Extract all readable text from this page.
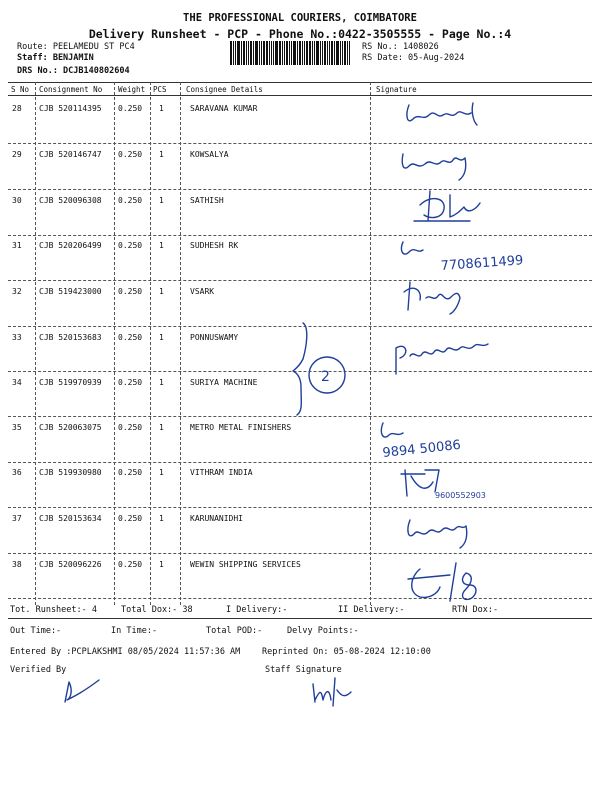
THE PROFESSIONAL COURIERS, COIMBATORE
Delivery Runsheet - PCP - Phone No.:0422-3505555 - Page No.:4
Route: PEELAMEDU ST PC4
Staff: BENJAMIN
DRS No.: DCJB140802604
RS No.: 1408026
RS Date: 05-Aug-2024
S No Consignment No Weight PCS	Consignee Details	Signature
28 CJB 520114395 0.250 1	SARAVANA KUMAR
29 CJB 520146747 0.250 1	KOWSALYA
30 CJB 520096308 0.250 1	SATHISH
31 CJB 520206499 0.250 1	SUDHESH RK
32 CJB 519423000 0.250 1	VSARK
33 CJB 520153683 0.250 1	PONNUSWAMY
34 CJB 519970939 0.250 1	SURIYA MACHINE
35 CJB 520063075 0.250 1	METRO METAL FINISHERS
36 CJB 519930980 0.250 1	VITHRAM INDIA
37 CJB 520153634 0.250 1	KARUNANIDHI
38 CJB 520096226 0.250 1	WEWIN SHIPPING SERVICES
7708611499
2
9894 50086
9600552903
Tot. Runsheet:- 4	Total Dox:- 38	I Delivery:-	II Delivery:-	RTN Dox:-
Out Time:-	In Time:-	Total POD:-	Delvy Points:-
Entered By :PCPLAKSHMI 08/05/2024 11:57:36 AM	Reprinted On: 05-08-2024 12:10:00
Verified By	Staff Signature
